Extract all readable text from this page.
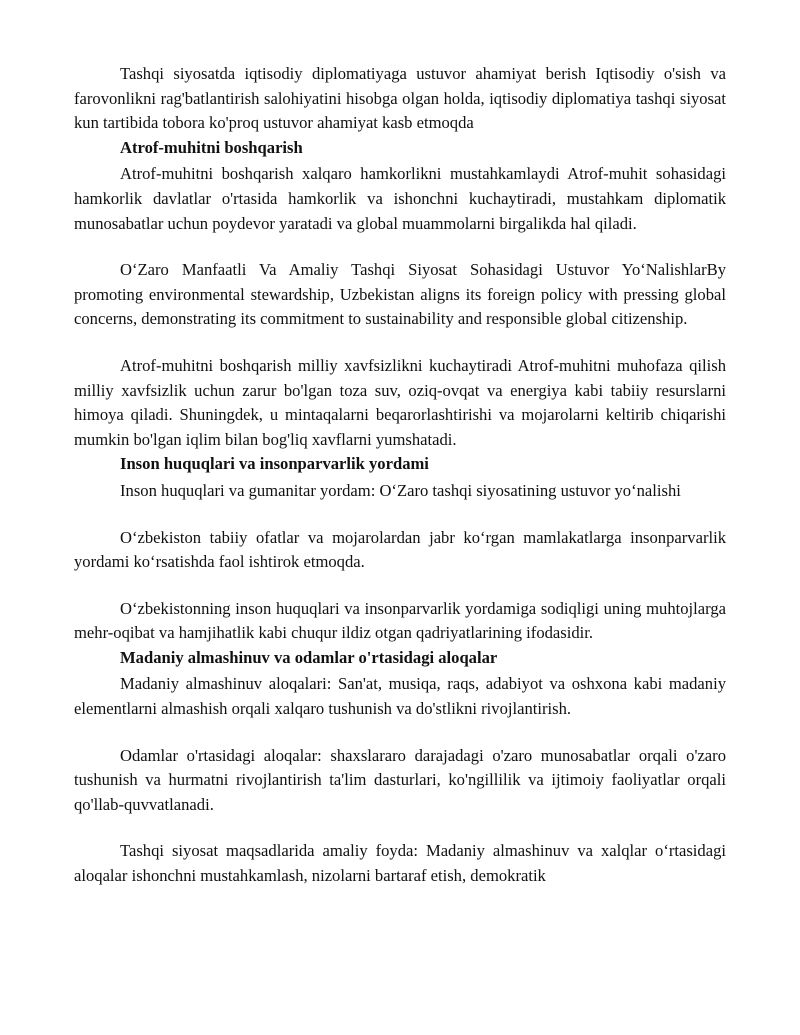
Tashqi siyosatda iqtisodiy diplomatiyaga ustuvor ahamiyat berish Iqtisodiy o'sish va farovonlikni rag'batlantirish salohiyatini hisobga olgan holda, iqtisodiy diplomatiya tashqi siyosat kun tartibida tobora ko'proq ustuvor ahamiyat kasb etmoqda

Atrof-muhitni boshqarish

Atrof-muhitni boshqarish xalqaro hamkorlikni mustahkamlaydi Atrof-muhit sohasidagi hamkorlik davlatlar o'rtasida hamkorlik va ishonchni kuchaytiradi, mustahkam diplomatik munosabatlar uchun poydevor yaratadi va global muammolarni birgalikda hal qiladi.

O‘Zaro Manfaatli Va Amaliy Tashqi Siyosat Sohasidagi Ustuvor Yo‘NalishlarBy promoting environmental stewardship, Uzbekistan aligns its foreign policy with pressing global concerns, demonstrating its commitment to sustainability and responsible global citizenship.

Atrof-muhitni boshqarish milliy xavfsizlikni kuchaytiradi Atrof-muhitni muhofaza qilish milliy xavfsizlik uchun zarur bo'lgan toza suv, oziq-ovqat va energiya kabi tabiiy resurslarni himoya qiladi. Shuningdek, u mintaqalarni beqarorlashtirishi va mojarolarni keltirib chiqarishi mumkin bo'lgan iqlim bilan bog'liq xavflarni yumshatadi.

Inson huquqlari va insonparvarlik yordami

Inson huquqlari va gumanitar yordam: O‘Zaro tashqi siyosatining ustuvor yo‘nalishi

O‘zbekiston tabiiy ofatlar va mojarolardan jabr ko‘rgan mamlakatlarga insonparvarlik yordami ko‘rsatishda faol ishtirok etmoqda.

O‘zbekistonning inson huquqlari va insonparvarlik yordamiga sodiqligi uning muhtojlarga mehr-oqibat va hamjihatlik kabi chuqur ildiz otgan qadriyatlarining ifodasidir.

Madaniy almashinuv va odamlar o'rtasidagi aloqalar

Madaniy almashinuv aloqalari: San'at, musiqa, raqs, adabiyot va oshxona kabi madaniy elementlarni almashish orqali xalqaro tushunish va do'stlikni rivojlantirish.

Odamlar o'rtasidagi aloqalar: shaxslararo darajadagi o'zaro munosabatlar orqali o'zaro tushunish va hurmatni rivojlantirish ta'lim dasturlari, ko'ngillilik va ijtimoiy faoliyatlar orqali qo'llab-quvvatlanadi.

Tashqi siyosat maqsadlarida amaliy foyda: Madaniy almashinuv va xalqlar o‘rtasidagi aloqalar ishonchni mustahkamlash, nizolarni bartaraf etish, demokratik
